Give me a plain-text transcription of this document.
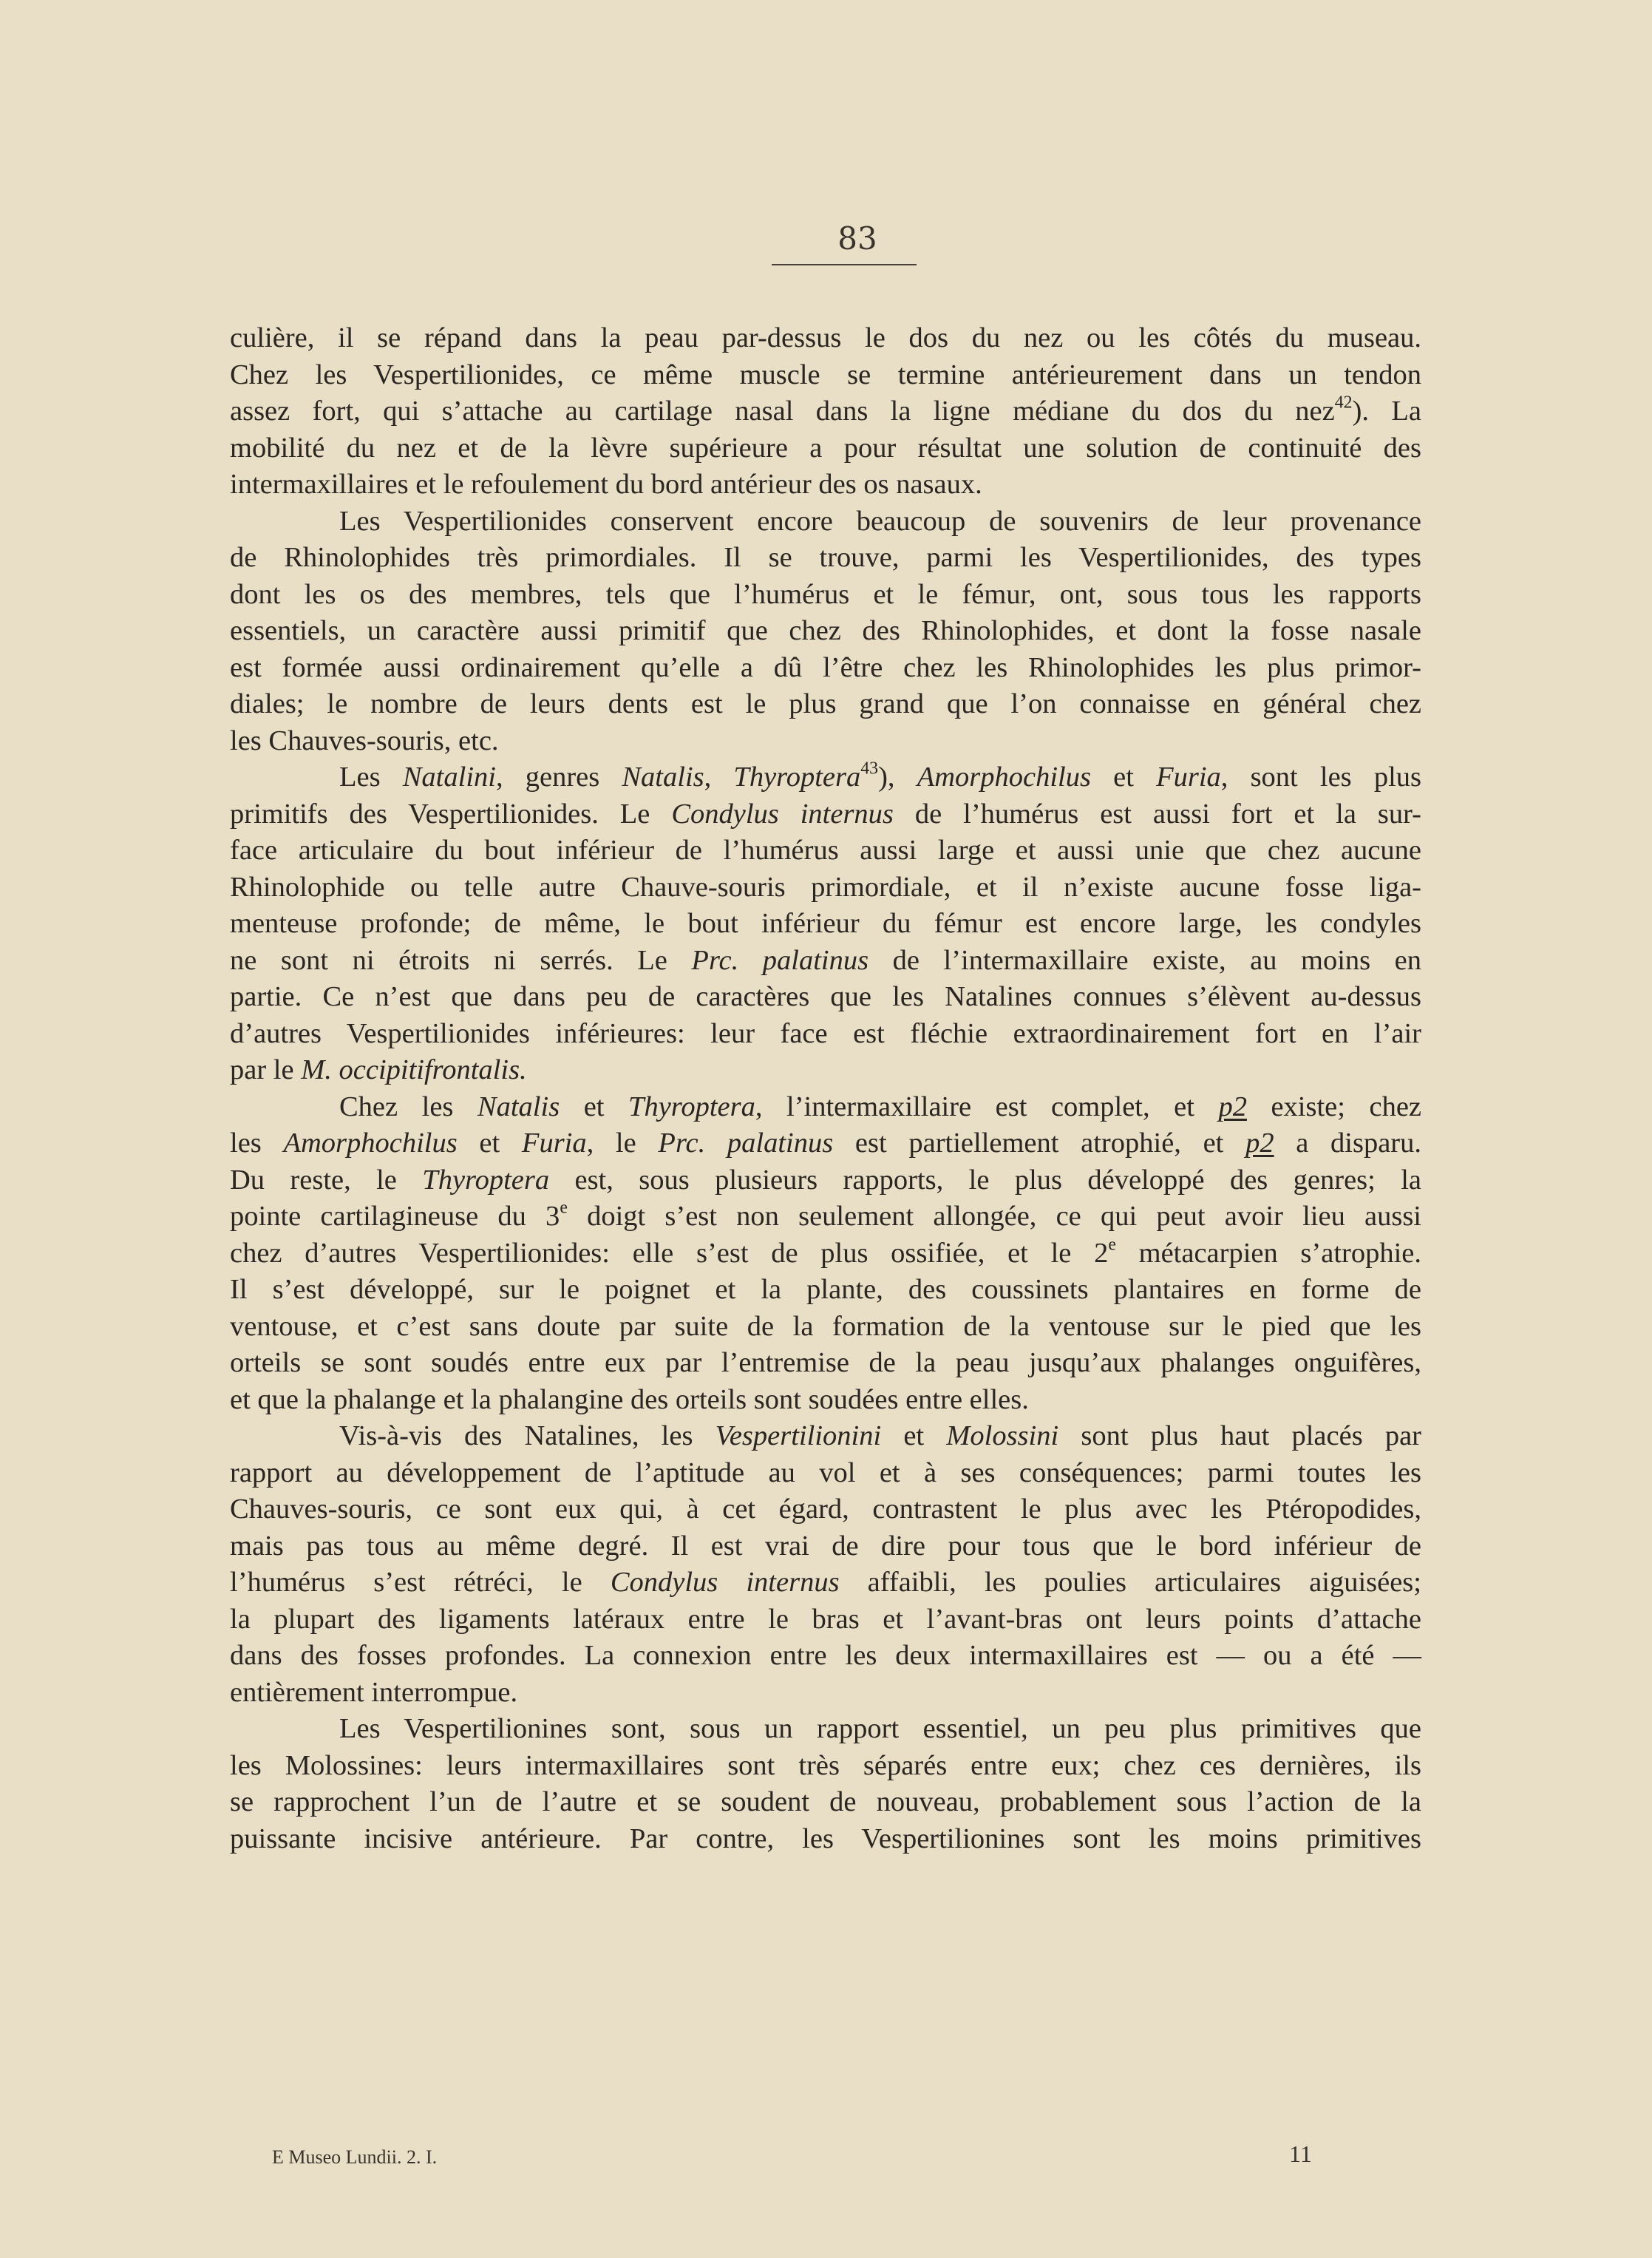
83
culière, il se répand dans la peau par-dessus le dos du nez ou les côtés du museau.
Chez les Vespertilionides, ce même muscle se termine antérieurement dans un tendon
assez fort, qui s’attache au cartilage nasal dans la ligne médiane du dos du nez$^{42}$). La
mobilité du nez et de la lèvre supérieure a pour résultat une solution de continuité des
intermaxillaires et le refoulement du bord antérieur des os nasaux.
Les Vespertilionides conservent encore beaucoup de souvenirs de leur provenance
de Rhinolophides très primordiales. Il se trouve, parmi les Vespertilionides, des types
dont les os des membres, tels que l’humérus et le fémur, ont, sous tous les rapports
essentiels, un caractère aussi primitif que chez des Rhinolophides, et dont la fosse nasale
est formée aussi ordinairement qu’elle a dû l’être chez les Rhinolophides les plus primor-
diales; le nombre de leurs dents est le plus grand que l’on connaisse en général chez
les Chauves-souris, etc.
Les Natalini, genres Natalis, Thyroptera$^{43}$), Amorphochilus et Furia, sont les plus
primitifs des Vespertilionides. Le Condylus internus de l’humérus est aussi fort et la sur-
face articulaire du bout inférieur de l’humérus aussi large et aussi unie que chez aucune
Rhinolophide ou telle autre Chauve-souris primordiale, et il n’existe aucune fosse liga-
menteuse profonde; de même, le bout inférieur du fémur est encore large, les condyles
ne sont ni étroits ni serrés. Le Prc. palatinus de l’intermaxillaire existe, au moins en
partie. Ce n’est que dans peu de caractères que les Natalines connues s’élèvent au-dessus
d’autres Vespertilionides inférieures: leur face est fléchie extraordinairement fort en l’air
par le M. occipitifrontalis.
Chez les Natalis et Thyroptera, l’intermaxillaire est complet, et p2 existe; chez
les Amorphochilus et Furia, le Prc. palatinus est partiellement atrophié, et p2 a disparu.
Du reste, le Thyroptera est, sous plusieurs rapports, le plus développé des genres; la
pointe cartilagineuse du 3e doigt s’est non seulement allongée, ce qui peut avoir lieu aussi
chez d’autres Vespertilionides: elle s’est de plus ossifiée, et le 2e métacarpien s’atrophie.
Il s’est développé, sur le poignet et la plante, des coussinets plantaires en forme de
ventouse, et c’est sans doute par suite de la formation de la ventouse sur le pied que les
orteils se sont soudés entre eux par l’entremise de la peau jusqu’aux phalanges onguifères,
et que la phalange et la phalangine des orteils sont soudées entre elles.
Vis-à-vis des Natalines, les Vespertilionini et Molossini sont plus haut placés par
rapport au développement de l’aptitude au vol et à ses conséquences; parmi toutes les
Chauves-souris, ce sont eux qui, à cet égard, contrastent le plus avec les Ptéropodides,
mais pas tous au même degré. Il est vrai de dire pour tous que le bord inférieur de
l’humérus s’est rétréci, le Condylus internus affaibli, les poulies articulaires aiguisées;
la plupart des ligaments latéraux entre le bras et l’avant-bras ont leurs points d’attache
dans des fosses profondes. La connexion entre les deux intermaxillaires est — ou a été —
entièrement interrompue.
Les Vespertilionines sont, sous un rapport essentiel, un peu plus primitives que
les Molossines: leurs intermaxillaires sont très séparés entre eux; chez ces dernières, ils
se rapprochent l’un de l’autre et se soudent de nouveau, probablement sous l’action de la
puissante incisive antérieure. Par contre, les Vespertilionines sont les moins primitives
E Museo Lundii. 2. I.	11
